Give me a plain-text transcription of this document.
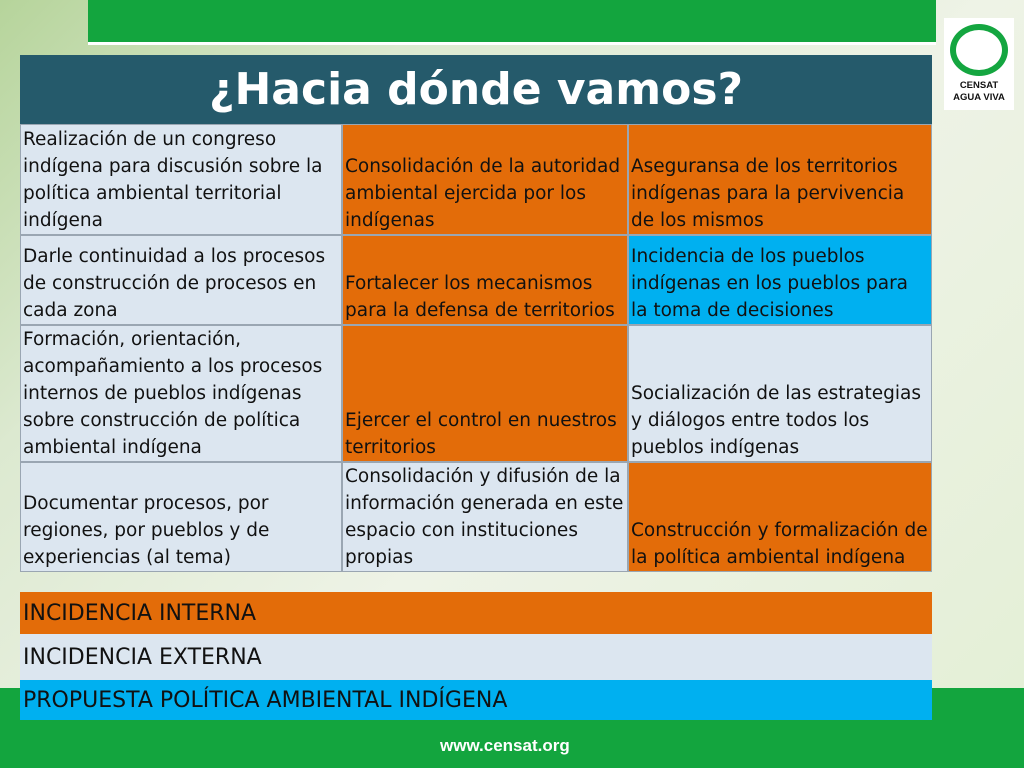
CENSAT
AGUA VIVA
¿Hacia dónde vamos?
Realización de un congreso indígena para discusión sobre la política ambiental territorial indígena
Consolidación de la autoridad ambiental ejercida por los indígenas
Aseguransa de los territorios indígenas para la pervivencia de los mismos
Darle continuidad a los procesos de construcción de procesos en cada zona
Fortalecer los mecanismos para la defensa de territorios
Incidencia de los pueblos indígenas en los pueblos para la toma de decisiones
Formación, orientación, acompañamiento a los procesos internos de pueblos indígenas sobre construcción de política ambiental indígena
Ejercer el control en nuestros territorios
Socialización de las estrategias y diálogos entre todos los pueblos indígenas
Documentar procesos, por regiones, por pueblos y de experiencias (al tema)
Consolidación y difusión de la información generada en este espacio con instituciones propias
Construcción y formalización de la política ambiental indígena
INCIDENCIA INTERNA
INCIDENCIA EXTERNA
PROPUESTA POLÍTICA AMBIENTAL INDÍGENA
www.censat.org
